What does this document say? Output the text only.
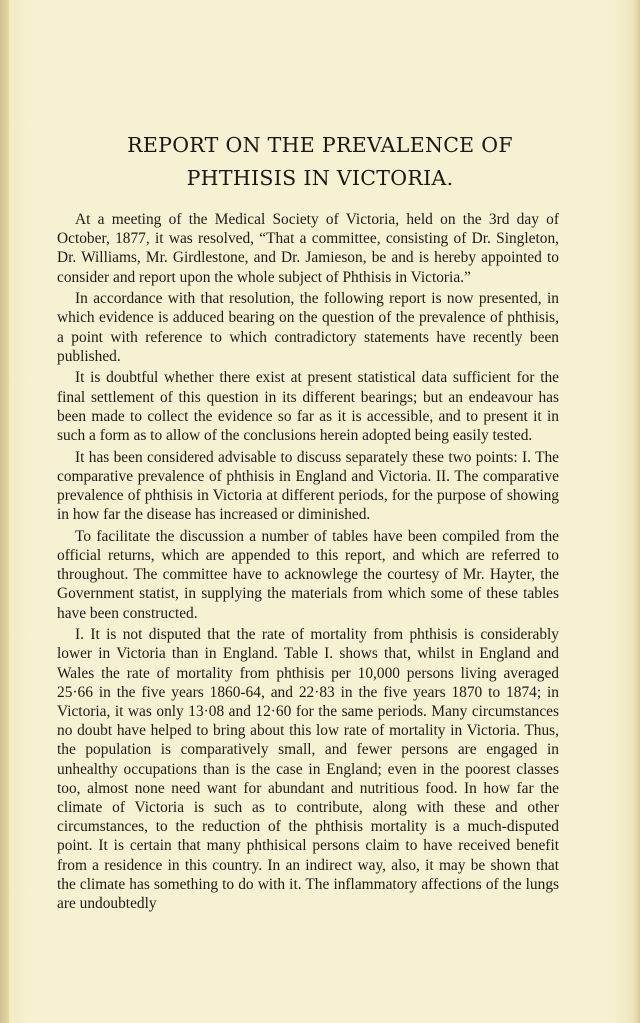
REPORT ON THE PREVALENCE OF
PHTHISIS IN VICTORIA.

At a meeting of the Medical Society of Victoria, held on the 3rd day of October, 1877, it was resolved, “That a committee, consisting of Dr. Singleton, Dr. Williams, Mr. Girdlestone, and Dr. Jamieson, be and is hereby appointed to consider and report upon the whole subject of Phthisis in Victoria.”

In accordance with that resolution, the following report is now presented, in which evidence is adduced bearing on the question of the prevalence of phthisis, a point with reference to which contradictory statements have recently been published.

It is doubtful whether there exist at present statistical data sufficient for the final settlement of this question in its different bearings; but an endeavour has been made to collect the evidence so far as it is accessible, and to present it in such a form as to allow of the conclusions herein adopted being easily tested.

It has been considered advisable to discuss separately these two points: I. The comparative prevalence of phthisis in England and Victoria. II. The comparative prevalence of phthisis in Victoria at different periods, for the purpose of showing in how far the disease has increased or diminished.

To facilitate the discussion a number of tables have been compiled from the official returns, which are appended to this report, and which are referred to throughout. The committee have to acknowlege the courtesy of Mr. Hayter, the Government statist, in supplying the materials from which some of these tables have been constructed.

I. It is not disputed that the rate of mortality from phthisis is considerably lower in Victoria than in England. Table I. shows that, whilst in England and Wales the rate of mortality from phthisis per 10,000 persons living averaged 25·66 in the five years 1860-64, and 22·83 in the five years 1870 to 1874; in Victoria, it was only 13·08 and 12·60 for the same periods. Many circumstances no doubt have helped to bring about this low rate of mortality in Victoria. Thus, the population is comparatively small, and fewer persons are engaged in unhealthy occupations than is the case in England; even in the poorest classes too, almost none need want for abundant and nutritious food. In how far the climate of Victoria is such as to contribute, along with these and other circumstances, to the reduction of the phthisis mortality is a much-disputed point. It is certain that many phthisical persons claim to have received benefit from a residence in this country. In an indirect way, also, it may be shown that the climate has something to do with it. The inflammatory affections of the lungs are undoubtedly
